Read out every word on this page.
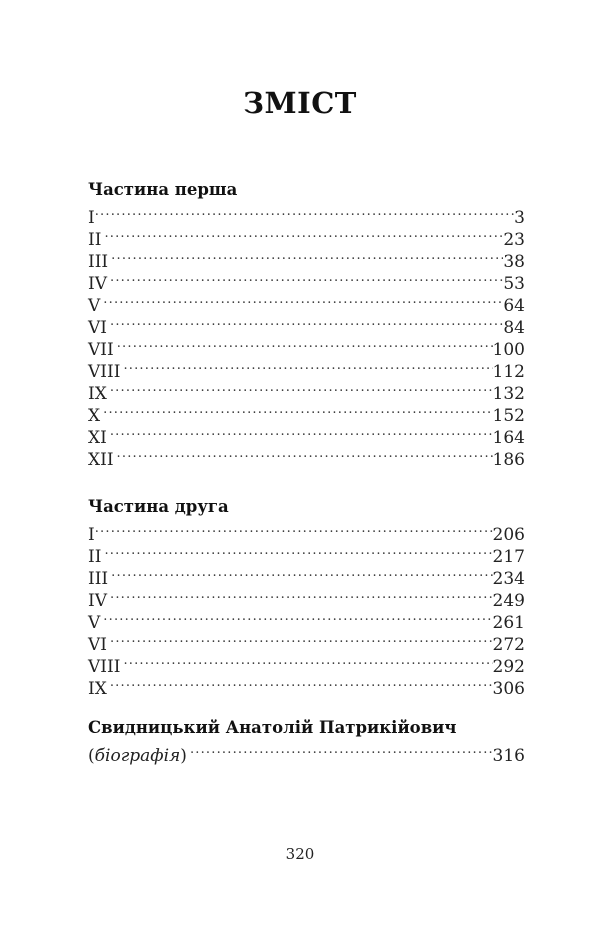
ЗМІСТ
Частина перша
I .....	3
II .....	23
III .....	38
IV .....	53
V .....	64
VI .....	84
VII .....	100
VIII .....	112
IX .....	132
X .....	152
XI .....	164
XII .....	186
Частина друга
I .....	206
II .....	217
III .....	234
IV .....	249
V .....	261
VI .....	272
VIII .....	292
IX .....	306
Свидницький Анатолій Патрикійович
(біографія) .....	316
320
